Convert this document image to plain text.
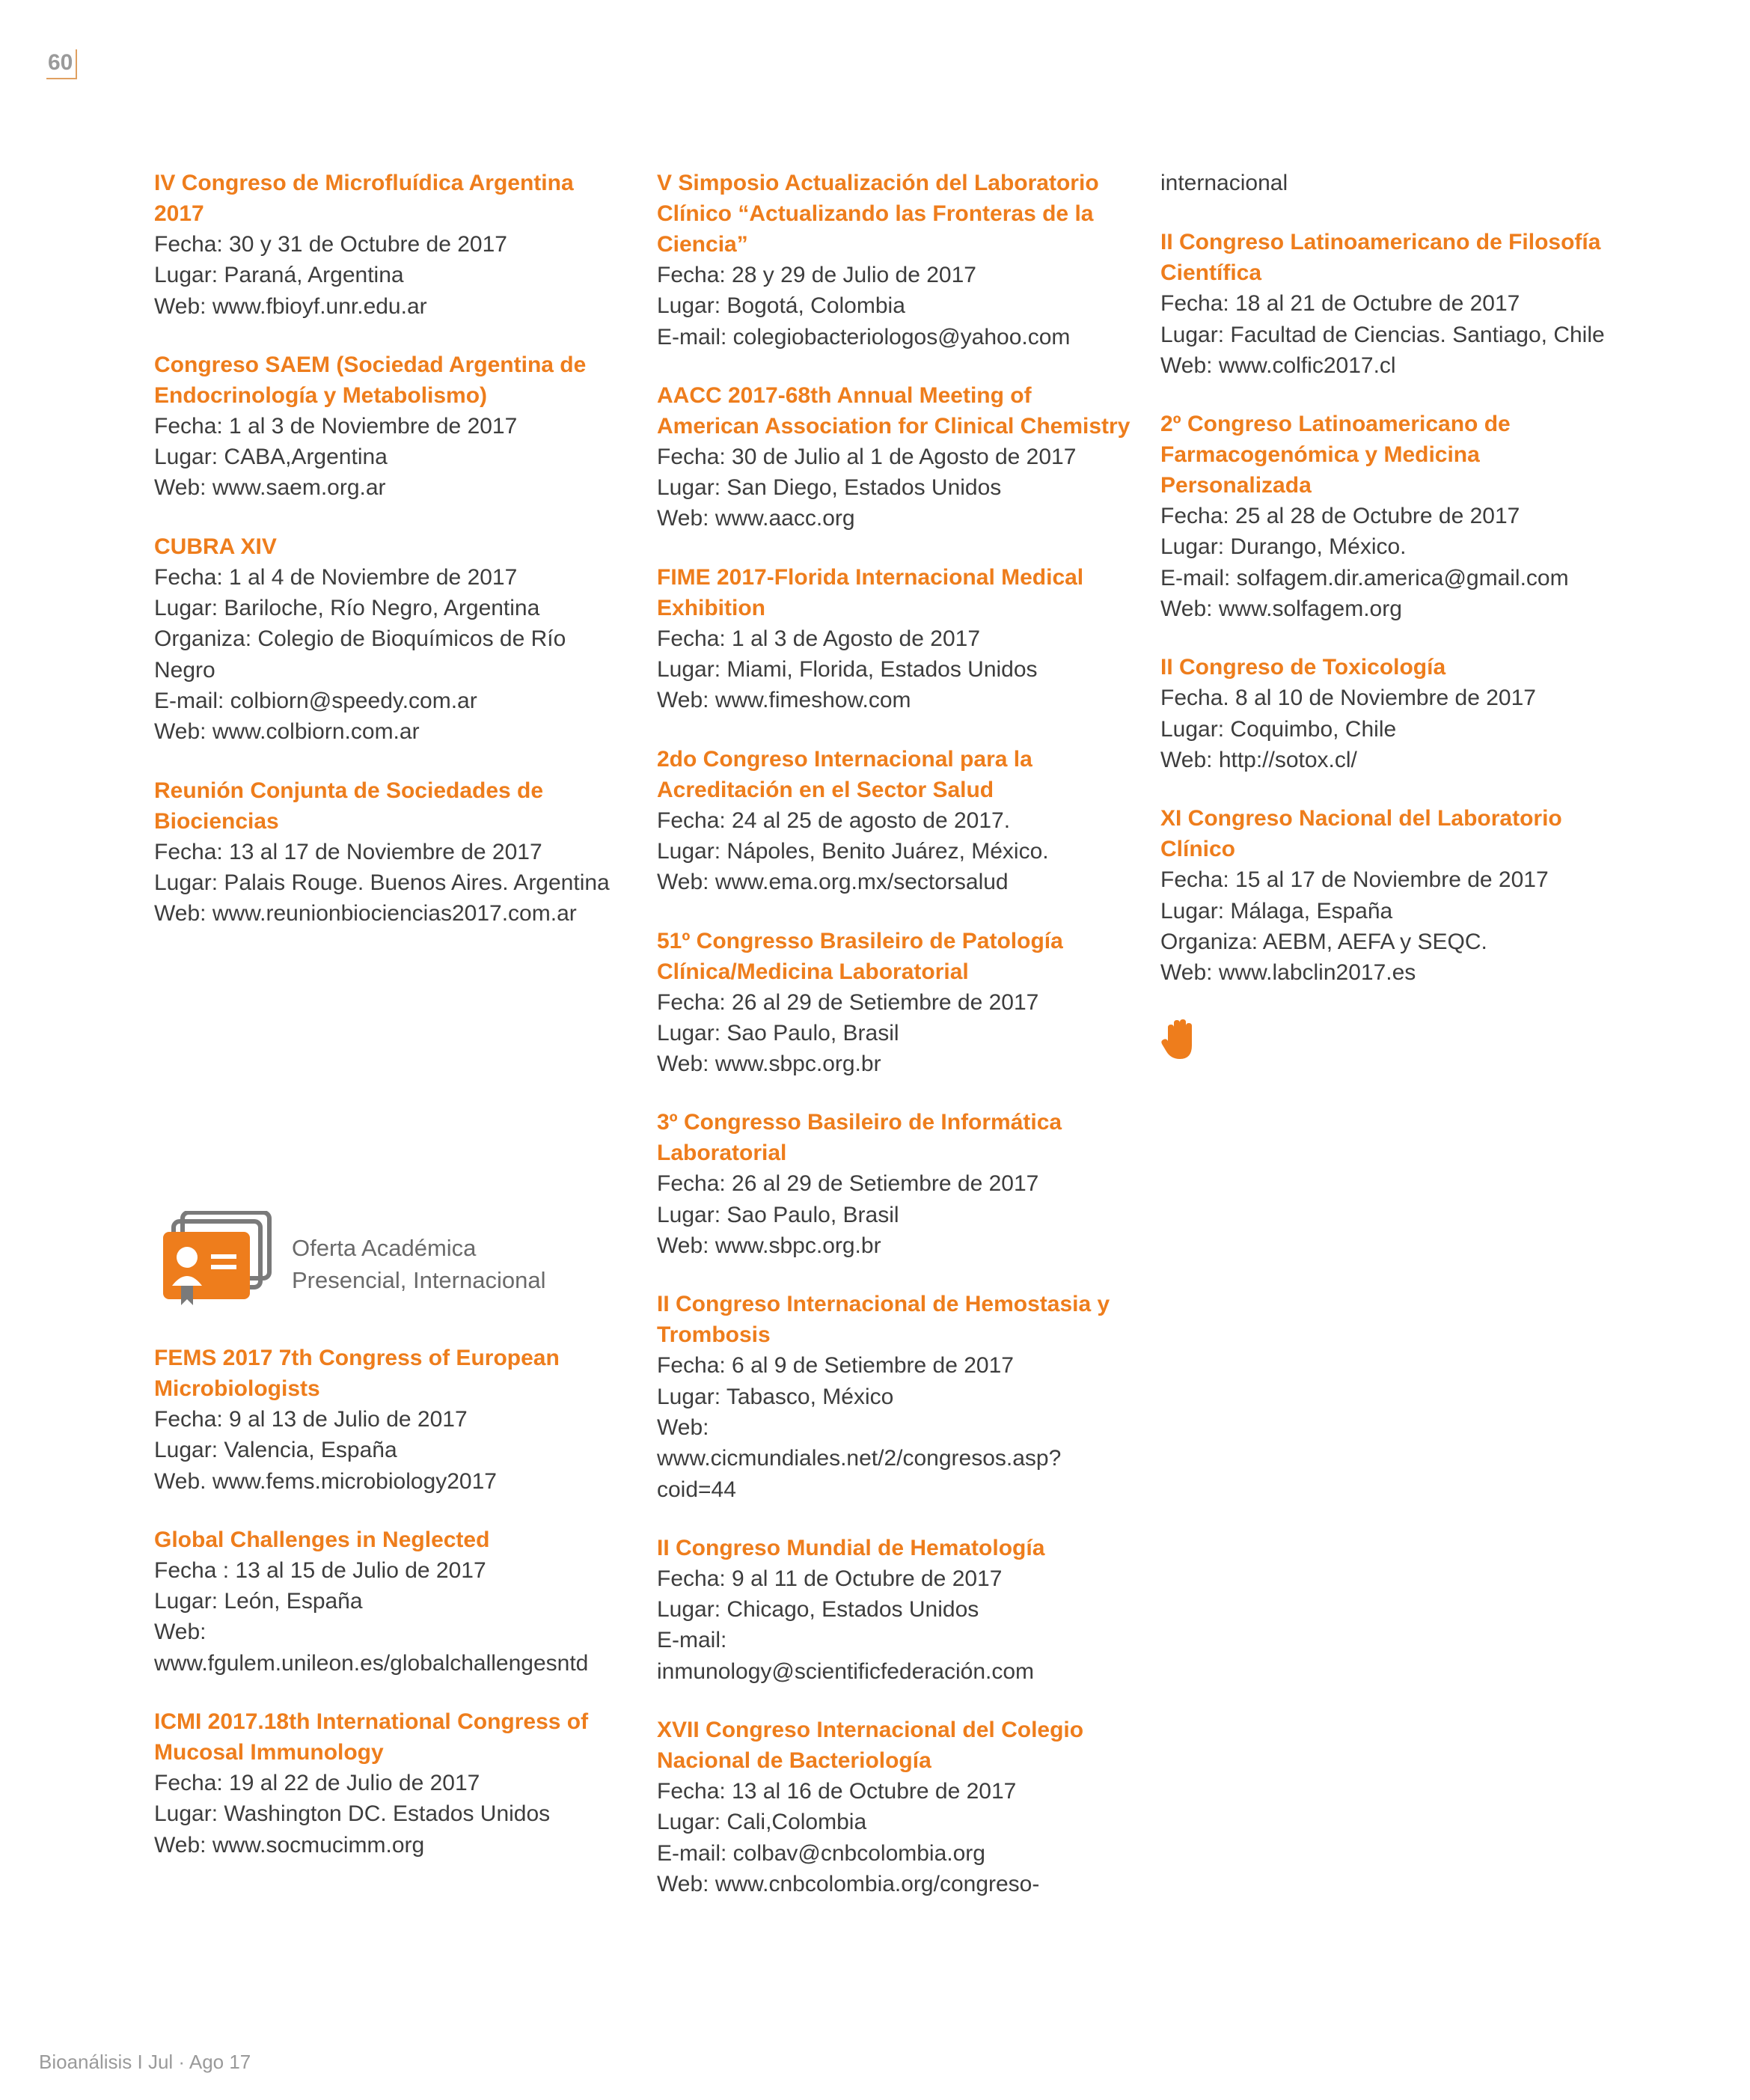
60
IV Congreso de Microfluídica Argentina 2017
Fecha: 30 y 31 de Octubre de 2017
Lugar: Paraná, Argentina
Web: www.fbioyf.unr.edu.ar
Congreso SAEM (Sociedad Argentina de Endocrinología y Metabolismo)
Fecha: 1 al 3 de Noviembre de 2017
Lugar: CABA,Argentina
Web: www.saem.org.ar
CUBRA XIV
Fecha: 1 al 4 de Noviembre de 2017
Lugar: Bariloche, Río Negro, Argentina
Organiza: Colegio de Bioquímicos de Río Negro
E-mail: colbiorn@speedy.com.ar
Web: www.colbiorn.com.ar
Reunión Conjunta de Sociedades de Biociencias
Fecha: 13 al 17 de Noviembre de 2017
Lugar: Palais Rouge. Buenos Aires. Argentina
Web: www.reunionbiociencias2017.com.ar
Oferta Académica
Presencial, Internacional
FEMS 2017 7th Congress of European Microbiologists
Fecha: 9 al 13 de Julio de 2017
Lugar: Valencia, España
Web. www.fems.microbiology2017
Global Challenges in Neglected
Fecha : 13 al 15 de Julio de 2017
Lugar: León, España
Web:
www.fgulem.unileon.es/globalchallengesntd
ICMI 2017.18th International Congress of Mucosal Immunology
Fecha: 19 al 22 de Julio de 2017
Lugar: Washington DC. Estados Unidos
Web: www.socmucimm.org
V Simposio Actualización del Laboratorio Clínico “Actualizando las Fronteras de la Ciencia”
Fecha: 28 y 29 de Julio de 2017
Lugar: Bogotá, Colombia
E-mail: colegiobacteriologos@yahoo.com
AACC 2017-68th Annual Meeting of American Association for Clinical Chemistry
Fecha: 30 de Julio al 1 de Agosto de 2017
Lugar: San Diego, Estados Unidos
Web: www.aacc.org
FIME 2017-Florida Internacional Medical Exhibition
Fecha: 1 al 3 de Agosto de 2017
Lugar: Miami, Florida, Estados Unidos
Web: www.fimeshow.com
2do Congreso Internacional para la Acreditación en el Sector Salud
Fecha: 24 al 25 de agosto de 2017.
Lugar: Nápoles, Benito Juárez, México.
Web: www.ema.org.mx/sectorsalud
51º Congresso Brasileiro de Patología Clínica/Medicina Laboratorial
Fecha: 26 al 29 de Setiembre de 2017
Lugar: Sao Paulo, Brasil
Web: www.sbpc.org.br
3º Congresso Basileiro de Informática Laboratorial
Fecha: 26 al 29 de Setiembre de 2017
Lugar: Sao Paulo, Brasil
Web: www.sbpc.org.br
II Congreso Internacional de Hemostasia y Trombosis
Fecha: 6 al 9 de Setiembre de 2017
Lugar: Tabasco, México
Web:
www.cicmundiales.net/2/congresos.asp?coid=44
II Congreso Mundial de Hematología
Fecha: 9 al 11 de Octubre de 2017
Lugar: Chicago, Estados Unidos
E-mail:
inmunology@scientificfederación.com
XVII Congreso Internacional del Colegio Nacional de Bacteriología
Fecha: 13 al 16 de Octubre de 2017
Lugar: Cali,Colombia
E-mail: colbav@cnbcolombia.org
Web: www.cnbcolombia.org/congreso-
internacional
II Congreso Latinoamericano de Filosofía Científica
Fecha: 18 al 21 de Octubre de 2017
Lugar: Facultad de Ciencias. Santiago, Chile
Web: www.colfic2017.cl
2º Congreso Latinoamericano de Farmacogenómica y Medicina Personalizada
Fecha: 25 al 28 de Octubre de 2017
Lugar: Durango, México.
E-mail: solfagem.dir.america@gmail.com
Web: www.solfagem.org
II Congreso de Toxicología
Fecha. 8 al 10 de Noviembre de 2017
Lugar: Coquimbo, Chile
Web: http://sotox.cl/
XI Congreso Nacional del Laboratorio Clínico
Fecha: 15 al 17 de Noviembre de 2017
Lugar: Málaga, España
Organiza: AEBM, AEFA y SEQC.
Web: www.labclin2017.es
Bioanálisis I Jul · Ago 17
